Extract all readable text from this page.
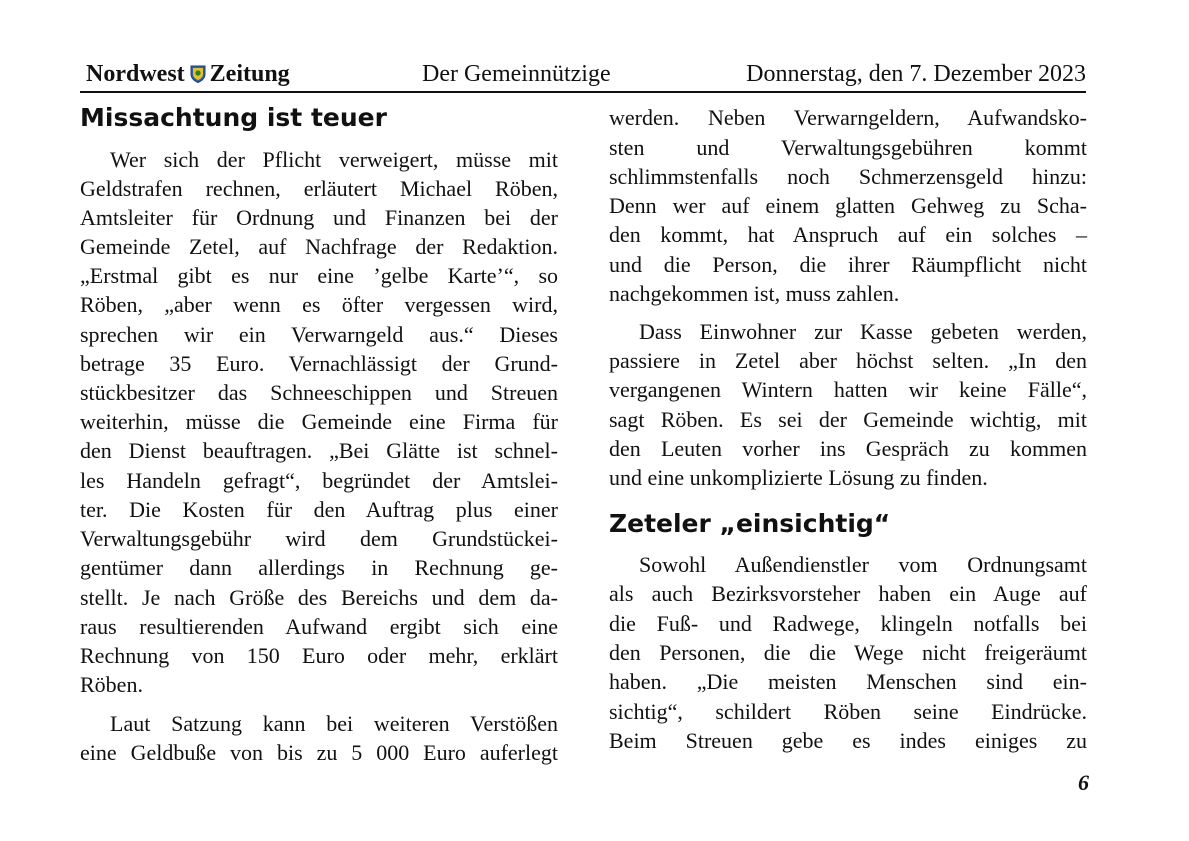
Nordwest Zeitung	Der Gemeinnützige	Donnerstag, den 7. Dezember 2023
Missachtung ist teuer
Wer sich der Pflicht verweigert, müsse mit
Geldstrafen rechnen, erläutert Michael Röben,
Amtsleiter für Ordnung und Finanzen bei der
Gemeinde Zetel, auf Nachfrage der Redaktion.
„Erstmal gibt es nur eine ’gelbe Karte’“, so
Röben, „aber wenn es öfter vergessen wird,
sprechen wir ein Verwarngeld aus.“ Dieses
betrage 35 Euro. Vernachlässigt der Grund-
stückbesitzer das Schneeschippen und Streuen
weiterhin, müsse die Gemeinde eine Firma für
den Dienst beauftragen. „Bei Glätte ist schnel-
les Handeln gefragt“, begründet der Amtslei-
ter. Die Kosten für den Auftrag plus einer
Verwaltungsgebühr wird dem Grundstückei-
gentümer dann allerdings in Rechnung ge-
stellt. Je nach Größe des Bereichs und dem da-
raus resultierenden Aufwand ergibt sich eine
Rechnung von 150 Euro oder mehr, erklärt
Röben.
Laut Satzung kann bei weiteren Verstößen
eine Geldbuße von bis zu 5 000 Euro auferlegt
werden. Neben Verwarngeldern, Aufwandsko-
sten und Verwaltungsgebühren kommt
schlimmstenfalls noch Schmerzensgeld hinzu:
Denn wer auf einem glatten Gehweg zu Scha-
den kommt, hat Anspruch auf ein solches –
und die Person, die ihrer Räumpflicht nicht
nachgekommen ist, muss zahlen.
Dass Einwohner zur Kasse gebeten werden,
passiere in Zetel aber höchst selten. „In den
vergangenen Wintern hatten wir keine Fälle“,
sagt Röben. Es sei der Gemeinde wichtig, mit
den Leuten vorher ins Gespräch zu kommen
und eine unkomplizierte Lösung zu finden.
Zeteler „einsichtig“
Sowohl Außendienstler vom Ordnungsamt
als auch Bezirksvorsteher haben ein Auge auf
die Fuß- und Radwege, klingeln notfalls bei
den Personen, die die Wege nicht freigeräumt
haben. „Die meisten Menschen sind ein-
sichtig“, schildert Röben seine Eindrücke.
Beim Streuen gebe es indes einiges zu
6
